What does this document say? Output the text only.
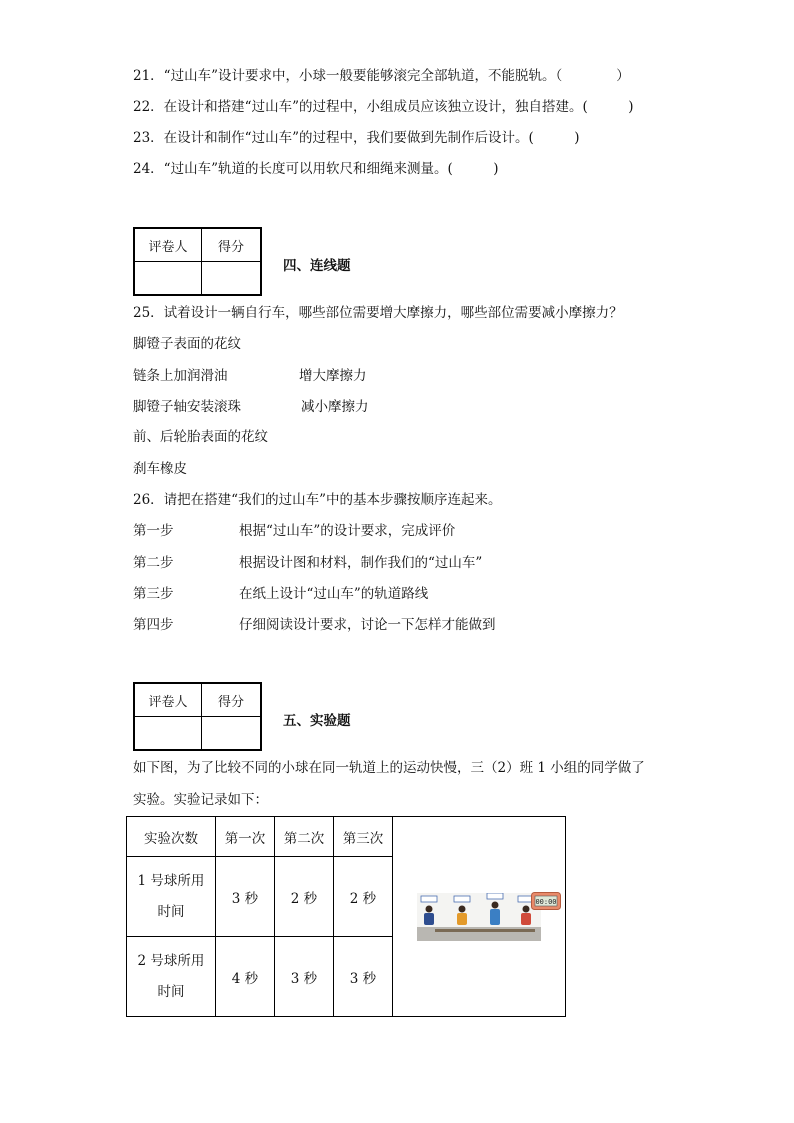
21．“过山车”设计要求中，小球一般要能够滚完全部轨道，不能脱轨。（　　　　）
22．在设计和搭建“过山车”的过程中，小组成员应该独立设计，独自搭建。(　　　)
23．在设计和制作“过山车”的过程中，我们要做到先制作后设计。(　　　)
24．“过山车”轨道的长度可以用软尺和细绳来测量。(　　　)
评卷人	得分

四、连线题
25．试着设计一辆自行车，哪些部位需要增大摩擦力，哪些部位需要减小摩擦力？
脚镫子表面的花纹
链条上加润滑油	增大摩擦力
脚镫子轴安装滚珠	减小摩擦力
前、后轮胎表面的花纹
刹车橡皮
26．请把在搭建“我们的过山车”中的基本步骤按顺序连起来。
第一步	根据“过山车”的设计要求，完成评价
第二步	根据设计图和材料，制作我们的“过山车”
第三步	在纸上设计“过山车”的轨道路线
第四步	仔细阅读设计要求，讨论一下怎样才能做到
评卷人	得分

五、实验题
如下图，为了比较不同的小球在同一轨道上的运动快慢，三（2）班 1 小组的同学做了
实验。实验记录如下：
实验次数	第一次	第二次	第三次	00:00

1 号球所用
时间	3 秒	2 秒	2 秒	
2 号球所用
时间	4 秒	3 秒	3 秒	
